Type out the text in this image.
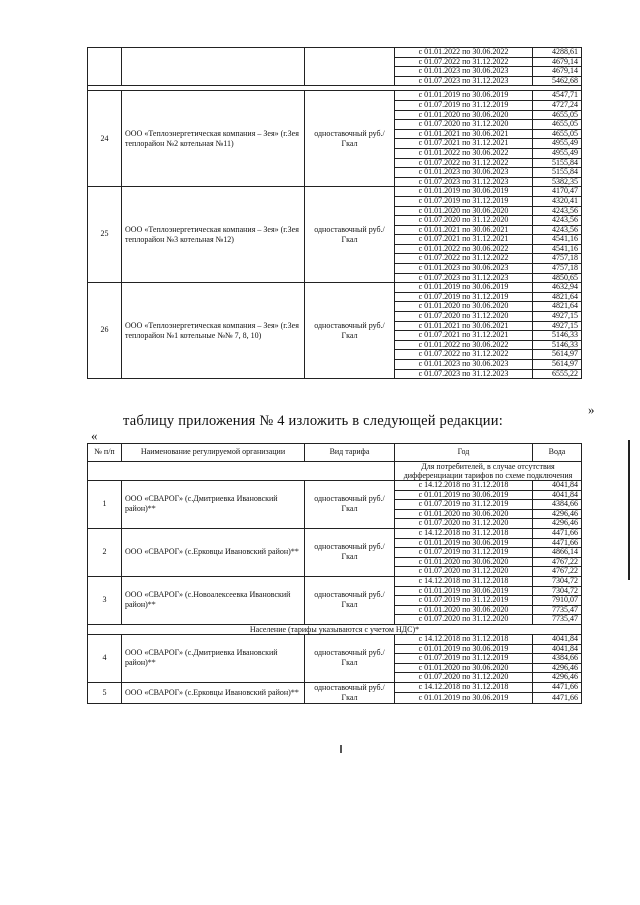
			с 01.01.2022 по 30.06.2022	4288,61
			с 01.07.2022 по 31.12.2022	4679,14
			с 01.01.2023 по 30.06.2023	4679,14
			с 01.07.2023 по 31.12.2023	5462,68

24	ООО «Теплоэнергетическая компания – Зея» (г.Зея теплорайон №2 котельная №11)	одноставочный руб./Гкал	с 01.01.2019 по 30.06.2019	4547,71
			с 01.07.2019 по 31.12.2019	4727,24
			с 01.01.2020 по 30.06.2020	4655,05
			с 01.07.2020 по 31.12.2020	4655,05
			с 01.01.2021 по 30.06.2021	4655,05
			с 01.07.2021 по 31.12.2021	4955,49
			с 01.01.2022 по 30.06.2022	4955,49
			с 01.07.2022 по 31.12.2022	5155,84
			с 01.01.2023 по 30.06.2023	5155,84
			с 01.07.2023 по 31.12.2023	5382,35
25	ООО «Теплоэнергетическая компания – Зея» (г.Зея теплорайон №3 котельная №12)	одноставочный руб./Гкал	с 01.01.2019 по 30.06.2019	4170,47
			с 01.07.2019 по 31.12.2019	4320,41
			с 01.01.2020 по 30.06.2020	4243,56
			с 01.07.2020 по 31.12.2020	4243,56
			с 01.01.2021 по 30.06.2021	4243,56
			с 01.07.2021 по 31.12.2021	4541,16
			с 01.01.2022 по 30.06.2022	4541,16
			с 01.07.2022 по 31.12.2022	4757,18
			с 01.01.2023 по 30.06.2023	4757,18
			с 01.07.2023 по 31.12.2023	4850,65
26	ООО «Теплоэнергетическая компания – Зея» (г.Зея теплорайон №1 котельные №№ 7, 8, 10)	одноставочный руб./Гкал	с 01.01.2019 по 30.06.2019	4632,94
			с 01.07.2019 по 31.12.2019	4821,64
			с 01.01.2020 по 30.06.2020	4821,64
			с 01.07.2020 по 31.12.2020	4927,15
			с 01.01.2021 по 30.06.2021	4927,15
			с 01.07.2021 по 31.12.2021	5146,33
			с 01.01.2022 по 30.06.2022	5146,33
			с 01.07.2022 по 31.12.2022	5614,97
			с 01.01.2023 по 30.06.2023	5614,97
			с 01.07.2023 по 31.12.2023	6555,22
»
таблицу приложения № 4 изложить в следующей редакции:
«
№ п/п	Наименование регулируемой организации	Вид тарифа	Год	Вода
			Для потребителей, в случае отсутствия дифференциации тарифов по схеме подключения	
1	ООО «СВАРОГ» (с.Дмитриевка Ивановский район)**	одноставочный руб./Гкал	с 14.12.2018 по 31.12.2018	4041,84
			с 01.01.2019 по 30.06.2019	4041,84
			с 01.07.2019 по 31.12.2019	4384,66
			с 01.01.2020 по 30.06.2020	4296,46
			с 01.07.2020 по 31.12.2020	4296,46
2	ООО «СВАРОГ» (с.Ерковцы Ивановский район)**	одноставочный руб./Гкал	с 14.12.2018 по 31.12.2018	4471,66
			с 01.01.2019 по 30.06.2019	4471,66
			с 01.07.2019 по 31.12.2019	4866,14
			с 01.01.2020 по 30.06.2020	4767,22
			с 01.07.2020 по 31.12.2020	4767,22
3	ООО «СВАРОГ» (с.Новоалексеевка Ивановский район)**	одноставочный руб./Гкал	с 14.12.2018 по 31.12.2018	7304,72
			с 01.01.2019 по 30.06.2019	7304,72
			с 01.07.2019 по 31.12.2019	7910,07
			с 01.01.2020 по 30.06.2020	7735,47
			с 01.07.2020 по 31.12.2020	7735,47
Население (тарифы указываются с учетом НДС)*				
4	ООО «СВАРОГ» (с.Дмитриевка Ивановский район)**	одноставочный руб./Гкал	с 14.12.2018 по 31.12.2018	4041,84
			с 01.01.2019 по 30.06.2019	4041,84
			с 01.07.2019 по 31.12.2019	4384,66
			с 01.01.2020 по 30.06.2020	4296,46
			с 01.07.2020 по 31.12.2020	4296,46
5	ООО «СВАРОГ» (с.Ерковцы Ивановский район)**	одноставочный руб./Гкал	с 14.12.2018 по 31.12.2018	4471,66
			с 01.01.2019 по 30.06.2019	4471,66
